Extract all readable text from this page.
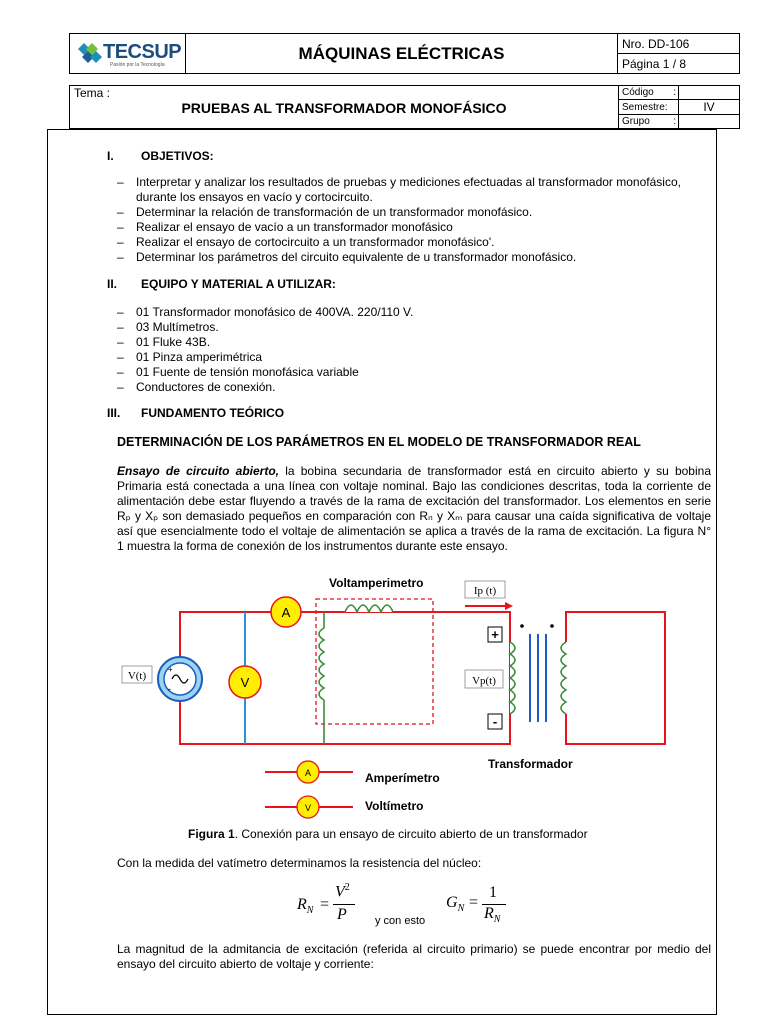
TECSUP
Pasión por la Tecnología
	MÁQUINAS ELÉCTRICAS	Nro. DD-106
Página 1 / 8
Tema :
PRUEBAS AL TRANSFORMADOR MONOFÁSICO	Código :	

	Semestre:	IV
	Grupo :	

I. OBJETIVOS:
– Interpretar y analizar los resultados de pruebas y mediciones efectuadas al transformador monofásico, durante los ensayos en vacío y cortocircuito.
– Determinar la relación de transformación de un transformador monofásico.
– Realizar el ensayo de vacío a un transformador monofásico
– Realizar el ensayo de cortocircuito a un transformador monofásico'.
– Determinar los parámetros del circuito equivalente de u transformador monofásico.
II. EQUIPO Y MATERIAL A UTILIZAR:
– 01 Transformador monofásico de 400VA. 220/110 V.
– 03 Multímetros.
– 01 Fluke 43B.
– 01 Pinza amperimétrica
– 01 Fuente de tensión monofásica variable
– Conductores de conexión.
III. FUNDAMENTO TEÓRICO
DETERMINACIÓN DE LOS PARÁMETROS EN EL MODELO DE TRANSFORMADOR REAL

Ensayo de circuito abierto, la bobina secundaria de transformador está en circuito abierto y su bobina Primaria está conectada a una línea con voltaje nominal. Bajo las condiciones descritas, toda la corriente de alimentación debe estar fluyendo a través de la rama de excitación del transformador. Los elementos en serie Rₚ y Xₚ son demasiado pequeños en comparación con Rₙ y Xₘ para causar una caída significativa de voltaje así que esencialmente todo el voltaje de alimentación se aplica a través de la rama de excitación. La figura N° 1 muestra la forma de conexión de los instrumentos durante este ensayo.

A
V
+
-
V(t)
Ip (t)
Vp(t)
+
-
A
V
Voltamperimetro
Transformador
Amperímetro
Voltímetro
Figura 1. Conexión para un ensayo de circuito abierto de un transformador
Con la medida del vatímetro determinamos la resistencia del núcleo:
$R_N$ =
$V^2$
P	y con esto
$G_N$ =
1
$R_N$

La magnitud de la admitancia de excitación (referida al circuito primario) se puede encontrar por medio del ensayo del circuito abierto de voltaje y corriente:
